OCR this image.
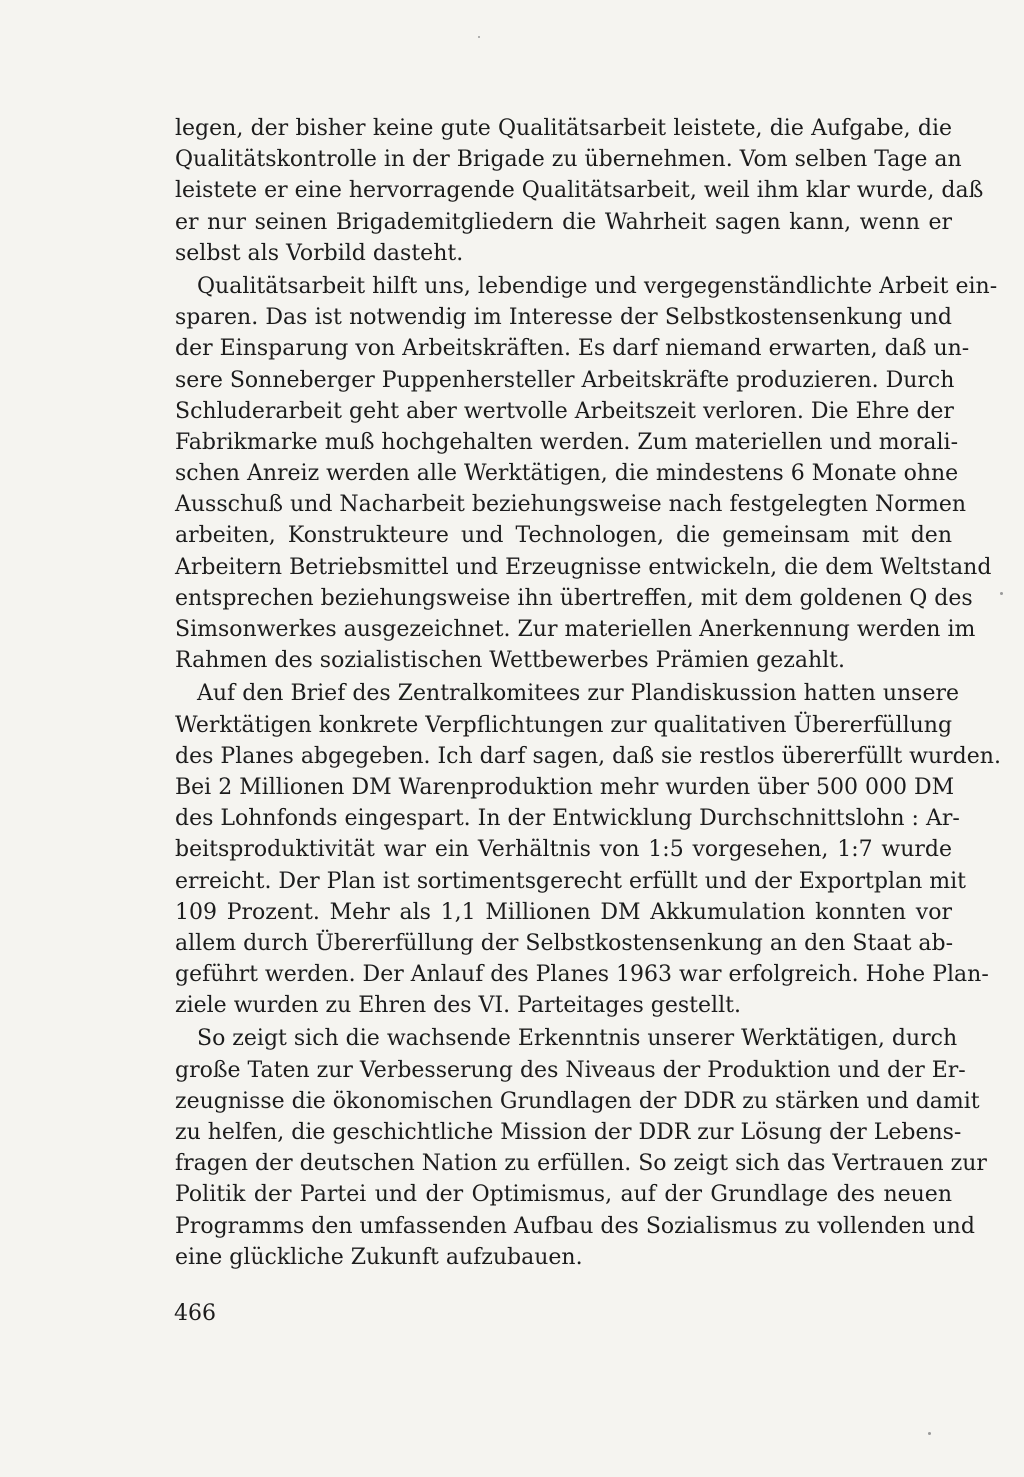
legen, der bisher keine gute Qualitätsarbeit leistete, die Aufgabe, die
Qualitätskontrolle in der Brigade zu übernehmen. Vom selben Tage an
leistete er eine hervorragende Qualitätsarbeit, weil ihm klar wurde, daß
er nur seinen Brigademitgliedern die Wahrheit sagen kann, wenn er
selbst als Vorbild dasteht.
Qualitätsarbeit hilft uns, lebendige und vergegenständlichte Arbeit ein-
sparen. Das ist notwendig im Interesse der Selbstkostensenkung und
der Einsparung von Arbeitskräften. Es darf niemand erwarten, daß un-
sere Sonneberger Puppenhersteller Arbeitskräfte produzieren. Durch
Schluderarbeit geht aber wertvolle Arbeitszeit verloren. Die Ehre der
Fabrikmarke muß hochgehalten werden. Zum materiellen und morali-
schen Anreiz werden alle Werktätigen, die mindestens 6 Monate ohne
Ausschuß und Nacharbeit beziehungsweise nach festgelegten Normen
arbeiten, Konstrukteure und Technologen, die gemeinsam mit den
Arbeitern Betriebsmittel und Erzeugnisse entwickeln, die dem Weltstand
entsprechen beziehungsweise ihn übertreffen, mit dem goldenen Q des
Simsonwerkes ausgezeichnet. Zur materiellen Anerkennung werden im
Rahmen des sozialistischen Wettbewerbes Prämien gezahlt.
Auf den Brief des Zentralkomitees zur Plandiskussion hatten unsere
Werktätigen konkrete Verpflichtungen zur qualitativen Übererfüllung
des Planes abgegeben. Ich darf sagen, daß sie restlos übererfüllt wurden.
Bei 2 Millionen DM Warenproduktion mehr wurden über 500 000 DM
des Lohnfonds eingespart. In der Entwicklung Durchschnittslohn : Ar-
beitsproduktivität war ein Verhältnis von 1:5 vorgesehen, 1:7 wurde
erreicht. Der Plan ist sortimentsgerecht erfüllt und der Exportplan mit
109 Prozent. Mehr als 1,1 Millionen DM Akkumulation konnten vor
allem durch Übererfüllung der Selbstkostensenkung an den Staat ab-
geführt werden. Der Anlauf des Planes 1963 war erfolgreich. Hohe Plan-
ziele wurden zu Ehren des VI. Parteitages gestellt.
So zeigt sich die wachsende Erkenntnis unserer Werktätigen, durch
große Taten zur Verbesserung des Niveaus der Produktion und der Er-
zeugnisse die ökonomischen Grundlagen der DDR zu stärken und damit
zu helfen, die geschichtliche Mission der DDR zur Lösung der Lebens-
fragen der deutschen Nation zu erfüllen. So zeigt sich das Vertrauen zur
Politik der Partei und der Optimismus, auf der Grundlage des neuen
Programms den umfassenden Aufbau des Sozialismus zu vollenden und
eine glückliche Zukunft aufzubauen.
466
